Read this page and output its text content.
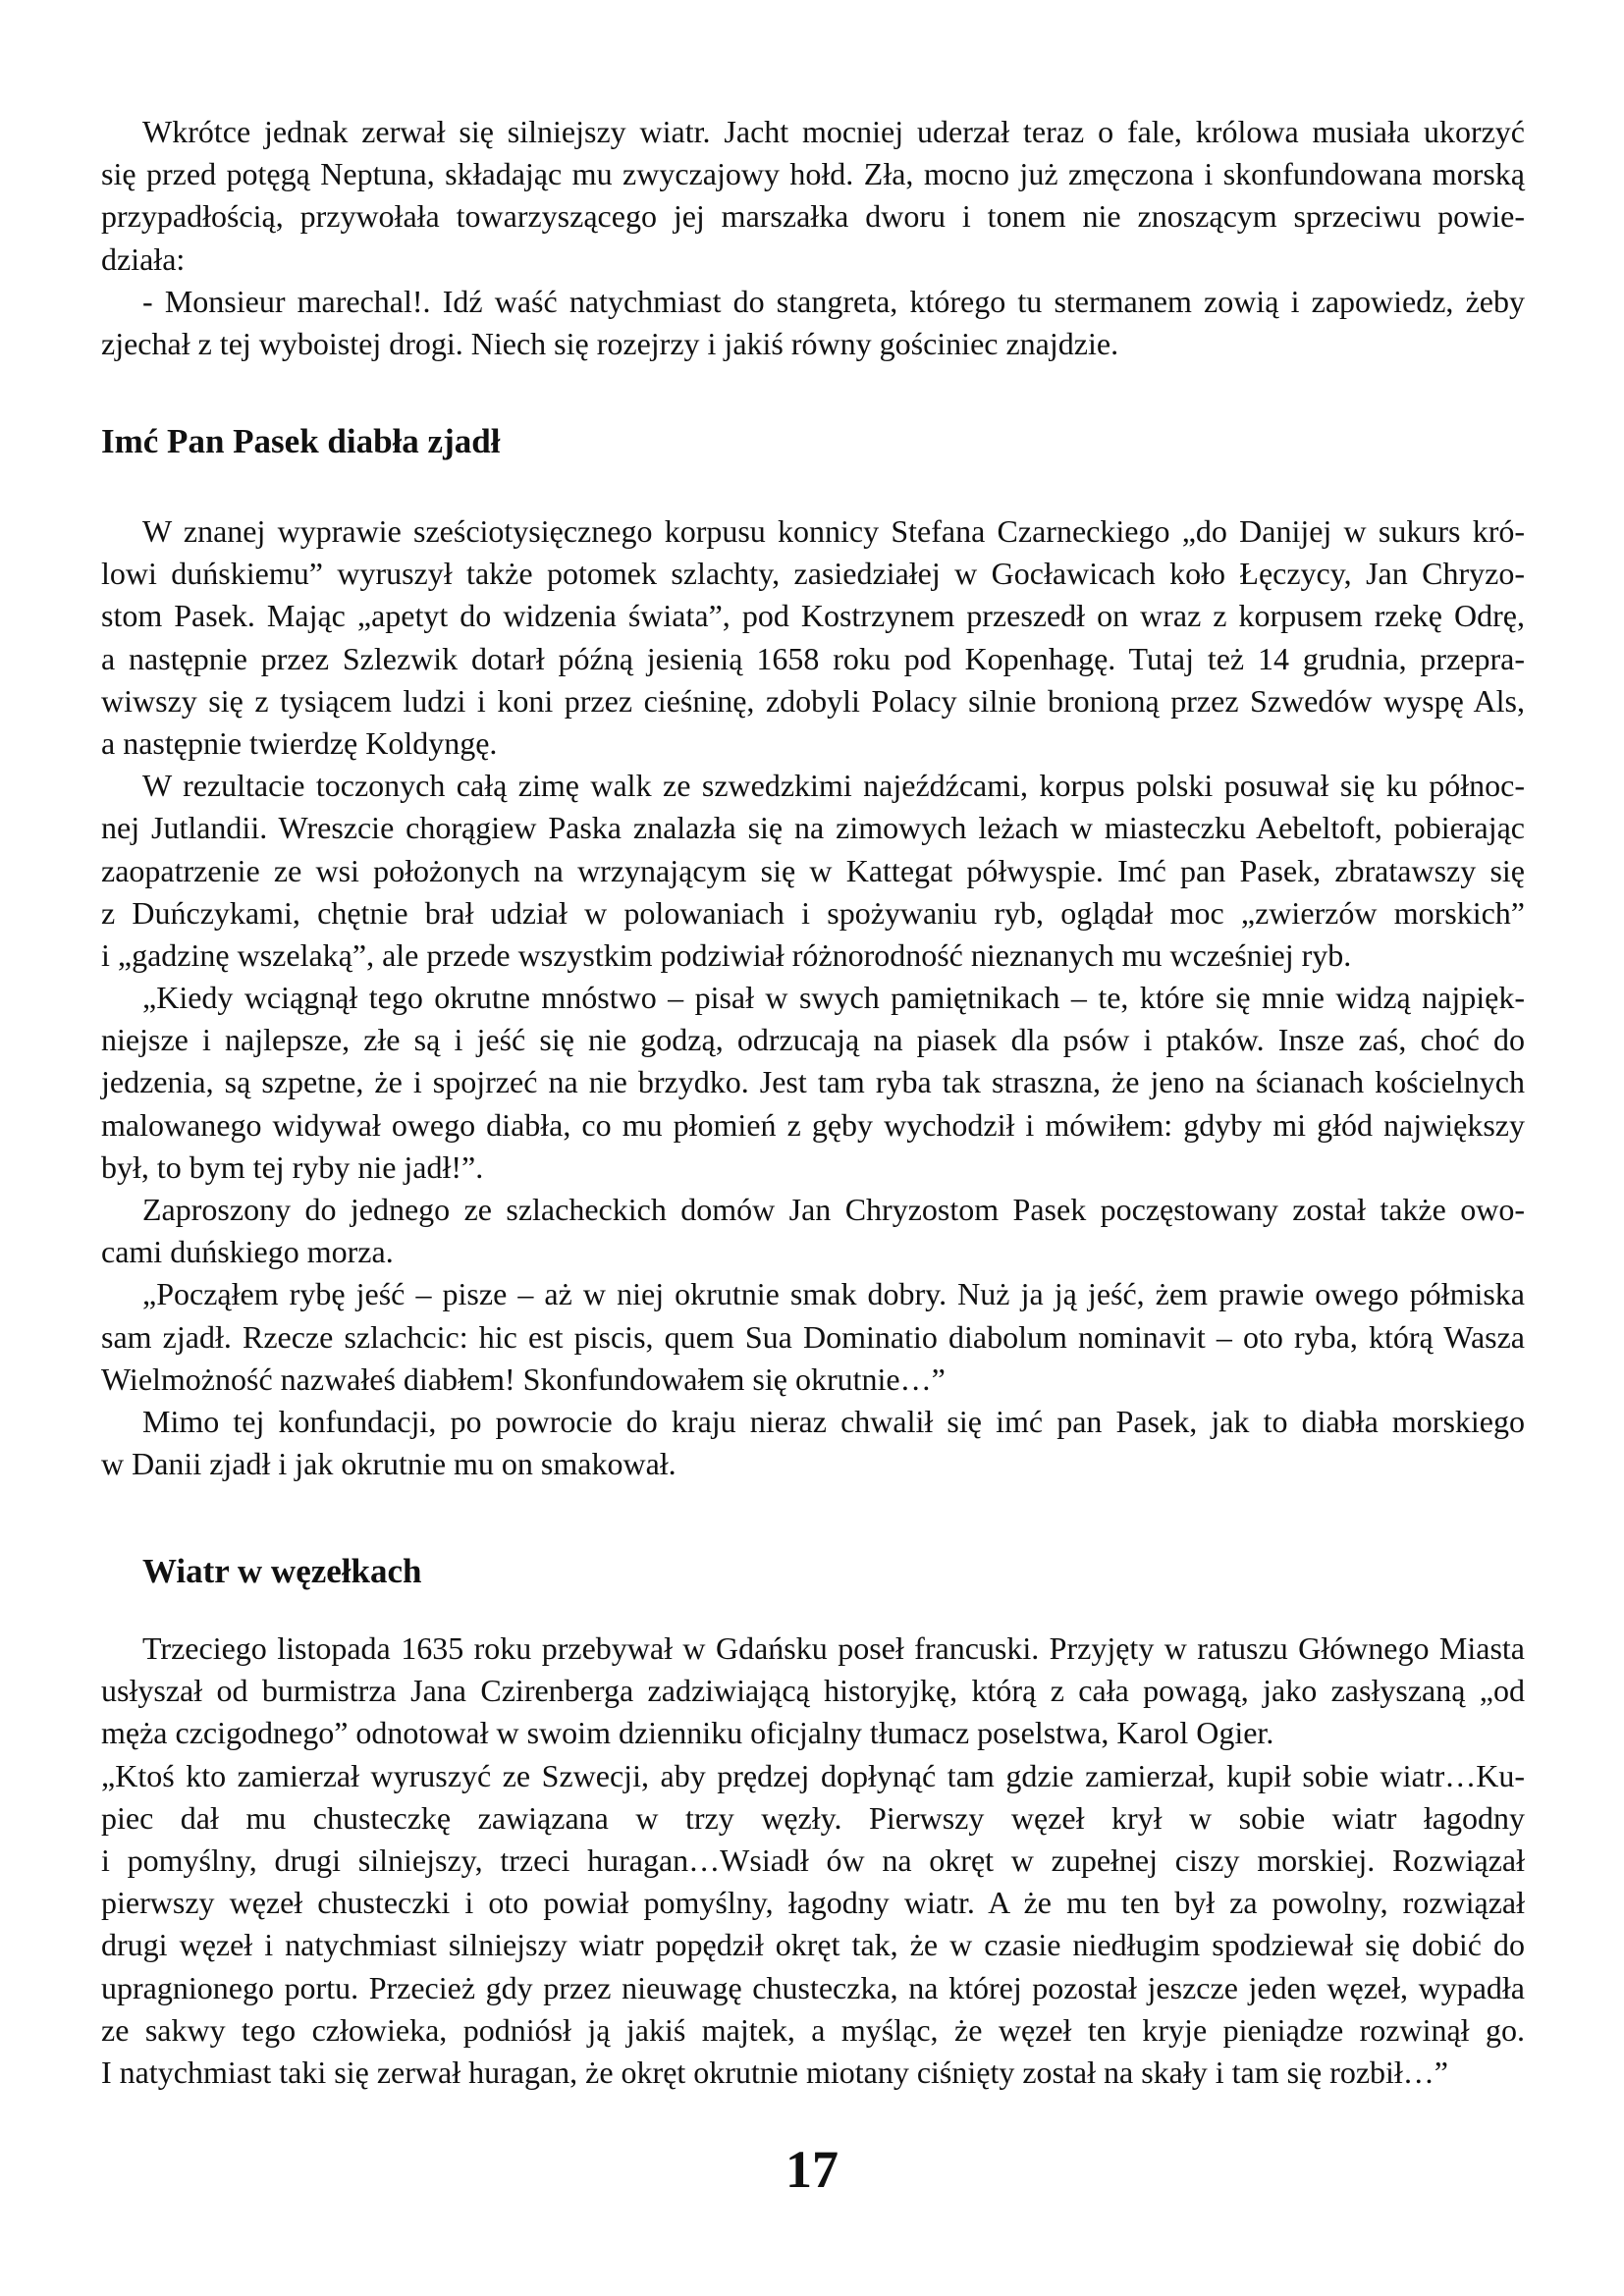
Wkrótce jednak zerwał się silniejszy wiatr. Jacht mocniej uderzał teraz o fale, królowa musiała ukorzyć
się przed potęgą Neptuna, składając mu zwyczajowy hołd. Zła, mocno już zmęczona i skonfundowana morską
przypadłością, przywołała towarzyszącego jej marszałka dworu i tonem nie znoszącym sprzeciwu powie-
działa:
- Monsieur marechal!. Idź waść natychmiast do stangreta, którego tu stermanem zowią i zapowiedz, żeby
zjechał z tej wyboistej drogi. Niech się rozejrzy i jakiś równy gościniec znajdzie.
Imć Pan Pasek diabła zjadł
W znanej wyprawie sześciotysięcznego korpusu konnicy Stefana Czarneckiego „do Danijej w sukurs kró-
lowi duńskiemu” wyruszył także potomek szlachty, zasiedziałej w Gocławicach koło Łęczycy, Jan Chryzo-
stom Pasek. Mając „apetyt do widzenia świata”, pod Kostrzynem przeszedł on wraz z korpusem rzekę Odrę,
a następnie przez Szlezwik dotarł późną jesienią 1658 roku pod Kopenhagę. Tutaj też 14 grudnia, przepra-
wiwszy się z tysiącem ludzi i koni przez cieśninę, zdobyli Polacy silnie bronioną przez Szwedów wyspę Als,
a następnie twierdzę Koldyngę.
W rezultacie toczonych całą zimę walk ze szwedzkimi najeźdźcami, korpus polski posuwał się ku północ-
nej Jutlandii. Wreszcie chorągiew Paska znalazła się na zimowych leżach w miasteczku Aebeltoft, pobierając
zaopatrzenie ze wsi położonych na wrzynającym się w Kattegat półwyspie. Imć pan Pasek, zbratawszy się
z Duńczykami, chętnie brał udział w polowaniach i spożywaniu ryb, oglądał moc „zwierzów morskich”
i „gadzinę wszelaką”, ale przede wszystkim podziwiał różnorodność nieznanych mu wcześniej ryb.
„Kiedy wciągnął tego okrutne mnóstwo – pisał w swych pamiętnikach – te, które się mnie widzą najpięk-
niejsze i najlepsze, złe są i jeść się nie godzą, odrzucają na piasek dla psów i ptaków. Insze zaś, choć do
jedzenia, są szpetne, że i spojrzeć na nie brzydko. Jest tam ryba tak straszna, że jeno na ścianach kościelnych
malowanego widywał owego diabła, co mu płomień z gęby wychodził i mówiłem: gdyby mi głód największy
był, to bym tej ryby nie jadł!”.
Zaproszony do jednego ze szlacheckich domów Jan Chryzostom Pasek poczęstowany został także owo-
cami duńskiego morza.
„Począłem rybę jeść – pisze – aż w niej okrutnie smak dobry. Nuż ja ją jeść, żem prawie owego półmiska
sam zjadł. Rzecze szlachcic: hic est piscis, quem Sua Dominatio diabolum nominavit – oto ryba, którą Wasza
Wielmożność nazwałeś diabłem! Skonfundowałem się okrutnie…”
Mimo tej konfundacji, po powrocie do kraju nieraz chwalił się imć pan Pasek, jak to diabła morskiego
w Danii zjadł i jak okrutnie mu on smakował.
Wiatr w węzełkach
Trzeciego listopada 1635 roku przebywał w Gdańsku poseł francuski. Przyjęty w ratuszu Głównego Miasta
usłyszał od burmistrza Jana Czirenberga zadziwiającą historyjkę, którą z cała powagą, jako zasłyszaną „od
męża czcigodnego” odnotował w swoim dzienniku oficjalny tłumacz poselstwa, Karol Ogier.
„Ktoś kto zamierzał wyruszyć ze Szwecji, aby prędzej dopłynąć tam gdzie zamierzał, kupił sobie wiatr…Ku-
piec dał mu chusteczkę zawiązana w trzy węzły. Pierwszy węzeł krył w sobie wiatr łagodny
i pomyślny, drugi silniejszy, trzeci huragan…Wsiadł ów na okręt w zupełnej ciszy morskiej. Rozwiązał
pierwszy węzeł chusteczki i oto powiał pomyślny, łagodny wiatr. A że mu ten był za powolny, rozwiązał
drugi węzeł i natychmiast silniejszy wiatr popędził okręt tak, że w czasie niedługim spodziewał się dobić do
upragnionego portu. Przecież gdy przez nieuwagę chusteczka, na której pozostał jeszcze jeden węzeł, wypadła
ze sakwy tego człowieka, podniósł ją jakiś majtek, a myśląc, że węzeł ten kryje pieniądze rozwinął go.
I natychmiast taki się zerwał huragan, że okręt okrutnie miotany ciśnięty został na skały i tam się rozbił…”
17
